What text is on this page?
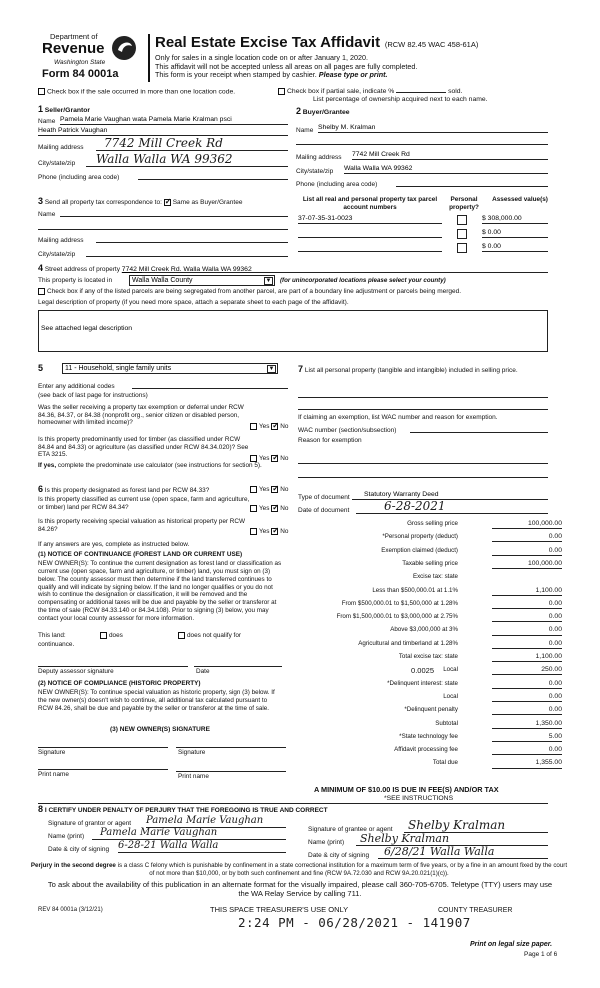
Department of
Revenue
Washington State
Form 84 0001a
Real Estate Excise Tax Affidavit (RCW 82.45 WAC 458-61A)
Only for sales in a single location code on or after January 1, 2020.
This affidavit will not be accepted unless all areas on all pages are fully completed.
This form is your receipt when stamped by cashier. Please type or print.
Check box if the sale occurred in more than one location code.	Check box if partial sale, indicate %	sold.
List percentage of ownership acquired next to each name.
1 Seller/Grantor
Name Pamela Marie Vaughan wata Pamela Marie Kralman psci
Heath Patrick Vaughan
Mailing address	7742 Mill Creek Rd
City/state/zip	Walla Walla WA 99362
Phone (including area code)
2 Buyer/Grantee
Name Shelby M. Kralman
Mailing address 7742 Mill Creek Rd
City/state/zip Walla Walla WA 99362
Phone (including area code)
3 Send all property tax correspondence to: ✓ Same as Buyer/Grantee
Name
Mailing address
City/state/zip
List all real and personal property tax parcel account numbers
Personal property?
Assessed value(s)
37-07-35-31-0023	$ 308,000.00
$ 0.00
$ 0.00
4 Street address of property 7742 Mill Creek Rd. Walla Walla WA 99362
This property is located in	Walla Walla County	▼ (for unincorporated locations please select your county)
Check box if any of the listed parcels are being segregated from another parcel, are part of a boundary line adjustment or parcels being merged.
Legal description of property (if you need more space, attach a separate sheet to each page of the affidavit).
See attached legal description
5	11 - Household, single family units	▼
Enter any additional codes
(see back of last page for instructions)
Was the seller receiving a property tax exemption or deferral under RCW 84.36, 84.37, or 84.38 (nonprofit org., senior citizen or disabled person, homeowner with limited income)?
Yes ✓ No
Is this property predominantly used for timber (as classified under RCW 84.84 and 84.33) or agriculture (as classified under RCW 84.34.020)? See ETA 3215.
Yes ✓ No
If yes, complete the predominate use calculator (see instructions for section 5).
6 Is this property designated as forest land per RCW 84.33?	Yes ✓ No
Is this property classified as current use (open space, farm and agriculture, or timber) land per RCW 84.34?	Yes ✓ No
Is this property receiving special valuation as historical property per RCW 84.26?	Yes ✓ No
If any answers are yes, complete as instructed below.
(1) NOTICE OF CONTINUANCE (FOREST LAND OR CURRENT USE)
NEW OWNER(S): To continue the current designation as forest land or classification as current use (open space, farm and agriculture, or timber) land, you must sign on (3) below. The county assessor must then determine if the land transferred continues to qualify and will indicate by signing below. If the land no longer qualifies or you do not wish to continue the designation or classification, it will be removed and the compensating or additional taxes will be due and payable by the seller or transferor at the time of sale (RCW 84.33.140 or 84.34.108). Prior to signing (3) below, you may contact your local county assessor for more information.
This land:	does	does not qualify for
continuance.
Deputy assessor signature	Date
(2) NOTICE OF COMPLIANCE (HISTORIC PROPERTY)
NEW OWNER(S): To continue special valuation as historic property, sign (3) below. If the new owner(s) doesn't wish to continue, all additional tax calculated pursuant to RCW 84.26, shall be due and payable by the seller or transferor at the time of sale.
(3) NEW OWNER(S) SIGNATURE
Signature	Signature
Print name	Print name
7 List all personal property (tangible and intangible) included in selling price.
If claiming an exemption, list WAC number and reason for exemption.
WAC number (section/subsection)
Reason for exemption
Type of document	Statutory Warranty Deed
Date of document	6-28-2021
Gross selling price	100,000.00
*Personal property (deduct)	0.00
Exemption claimed (deduct)	0.00
Taxable selling price	100,000.00
Excise tax: state
Less than $500,000.01 at 1.1%	1,100.00
From $500,000.01 to $1,500,000 at 1.28%	0.00
From $1,500,000.01 to $3,000,000 at 2.75%	0.00
Above $3,000,000 at 3%	0.00
Agricultural and timberland at 1.28%	0.00
Total excise tax: state	1,100.00
Local
0.0025	250.00
*Delinquent interest: state	0.00
Local	0.00
*Delinquent penalty	0.00
Subtotal	1,350.00
*State technology fee	5.00
Affidavit processing fee	0.00
Total due	1,355.00
A MINIMUM OF $10.00 IS DUE IN FEE(S) AND/OR TAX
*SEE INSTRUCTIONS
8 I CERTIFY UNDER PENALTY OF PERJURY THAT THE FOREGOING IS TRUE AND CORRECT
Signature of grantor or agent Pamela Marie Vaughan
Name (print)	Pamela Marie Vaughan
Date & city of signing 6-28-21 Walla Walla
Signature of grantee or agent	Shelby Kralman
Name (print)	Shelby Kralman
Date & city of signing	6/28/21 Walla Walla
Perjury in the second degree is a class C felony which is punishable by confinement in a state correctional institution for a maximum term of five years, or by a fine in an amount fixed by the court of not more than $10,000, or by both such confinement and fine (RCW 9A.72.030 and RCW 9A.20.021(1)(c)).
To ask about the availability of this publication in an alternate format for the visually impaired, please call 360-705-6705. Teletype (TTY) users may use the WA Relay Service by calling 711.
REV 84 0001a (3/12/21)	THIS SPACE TREASURER'S USE ONLY	COUNTY TREASURER
2:24 PM - 06/28/2021 - 141907
Print on legal size paper.
Page 1 of 6
